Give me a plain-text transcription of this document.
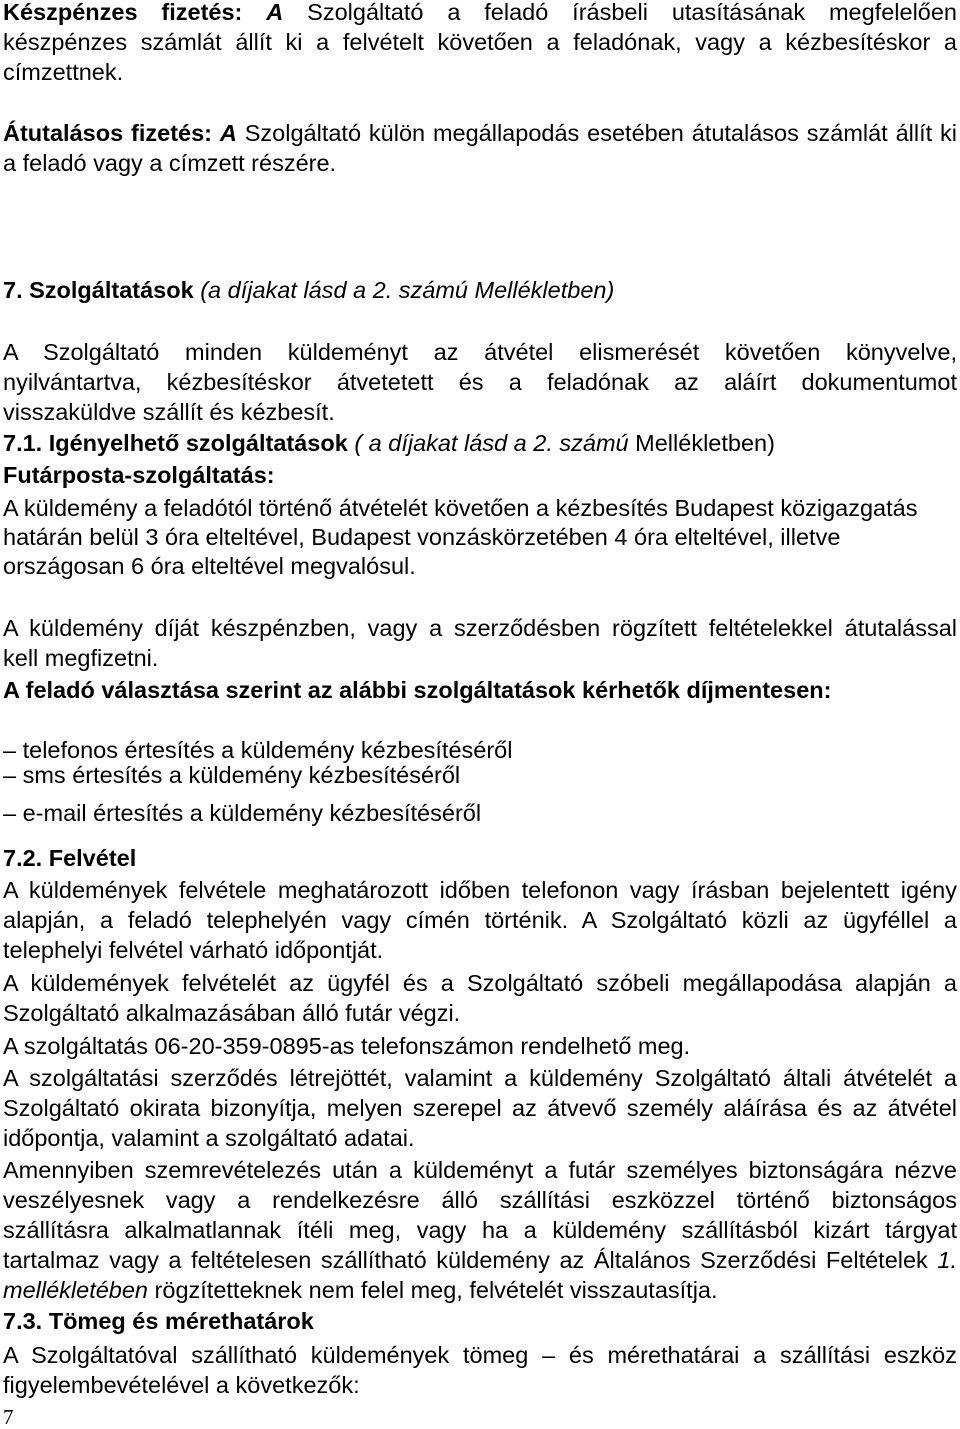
Készpénzes fizetés: A Szolgáltató a feladó írásbeli utasításának megfelelően
készpénzes számlát állít ki a felvételt követően a feladónak, vagy a kézbesítéskor a
címzettnek.
Átutalásos fizetés: A Szolgáltató külön megállapodás esetében átutalásos számlát állít ki
a feladó vagy a címzett részére.
7. Szolgáltatások (a díjakat lásd a 2. számú Mellékletben)
A Szolgáltató minden küldeményt az átvétel elismerését követően könyvelve,
nyilvántartva, kézbesítéskor átvetetett és a feladónak az aláírt dokumentumot
visszaküldve szállít és kézbesít.
7.1. Igényelhető szolgáltatások ( a díjakat lásd a 2. számú Mellékletben)
Futárposta-szolgáltatás:
A küldemény a feladótól történő átvételét követően a kézbesítés Budapest közigazgatás
határán belül 3 óra elteltével, Budapest vonzáskörzetében 4 óra elteltével, illetve
országosan 6 óra elteltével megvalósul.
A küldemény díját készpénzben, vagy a szerződésben rögzített feltételekkel átutalással
kell megfizetni.
A feladó választása szerint az alábbi szolgáltatások kérhetők díjmentesen:
– telefonos értesítés a küldemény kézbesítéséről
– sms értesítés a küldemény kézbesítéséről
– e-mail értesítés a küldemény kézbesítéséről
7.2. Felvétel
A küldemények felvétele meghatározott időben telefonon vagy írásban bejelentett igény
alapján, a feladó telephelyén vagy címén történik. A Szolgáltató közli az ügyféllel a
telephelyi felvétel várható időpontját.
A küldemények felvételét az ügyfél és a Szolgáltató szóbeli megállapodása alapján a
Szolgáltató alkalmazásában álló futár végzi.

A szolgáltatás 06-20-359-0895-as telefonszámon rendelhető meg.

A szolgáltatási szerződés létrejöttét, valamint a küldemény Szolgáltató általi átvételét a
Szolgáltató okirata bizonyítja, melyen szerepel az átvevő személy aláírása és az átvétel
időpontja, valamint a szolgáltató adatai.
Amennyiben szemrevételezés után a küldeményt a futár személyes biztonságára nézve
veszélyesnek vagy a rendelkezésre álló szállítási eszközzel történő biztonságos
szállításra alkalmatlannak ítéli meg, vagy ha a küldemény szállításból kizárt tárgyat
tartalmaz vagy a feltételesen szállítható küldemény az Általános Szerződési Feltételek 1.
mellékletében rögzítetteknek nem felel meg, felvételét visszautasítja.
7.3. Tömeg és mérethatárok
A Szolgáltatóval szállítható küldemények tömeg – és mérethatárai a szállítási eszköz
figyelembevételével a következők:
7
